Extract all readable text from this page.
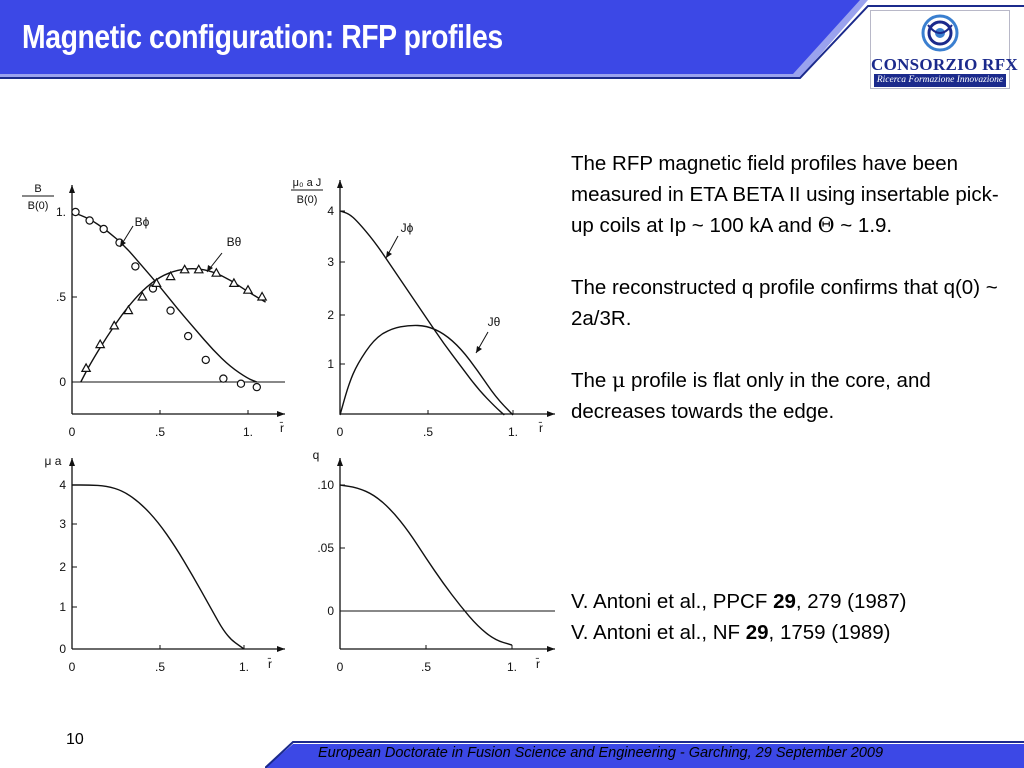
Magnetic configuration: RFP profiles
CONSORZIO RFX
Ricerca Formazione Innovazione
0	.5	1.
0
.5
1.
r̄
B
B(0)
0	.5	1.
1
2
3
4
r̄
μ₀ a J
B(0)
0	.5	1.
0
1
2
3
4
r̄
μ a
0	.5	1.
0
.05
.10
r̄
q
Bϕ
Bθ
Jϕ
Jθ

The RFP magnetic field profiles have been measured in ETA BETA II using insertable pick-up coils at Ip ~ 100 kA and Θ ~ 1.9.

The reconstructed q profile confirms that q(0) ~ 2a/3R.

The μ profile is flat only in the core, and decreases towards the edge.

V. Antoni et al., PPCF 29, 279 (1987)
V. Antoni et al., NF 29, 1759 (1989)
10
European Doctorate in Fusion Science and Engineering - Garching, 29 September 2009
